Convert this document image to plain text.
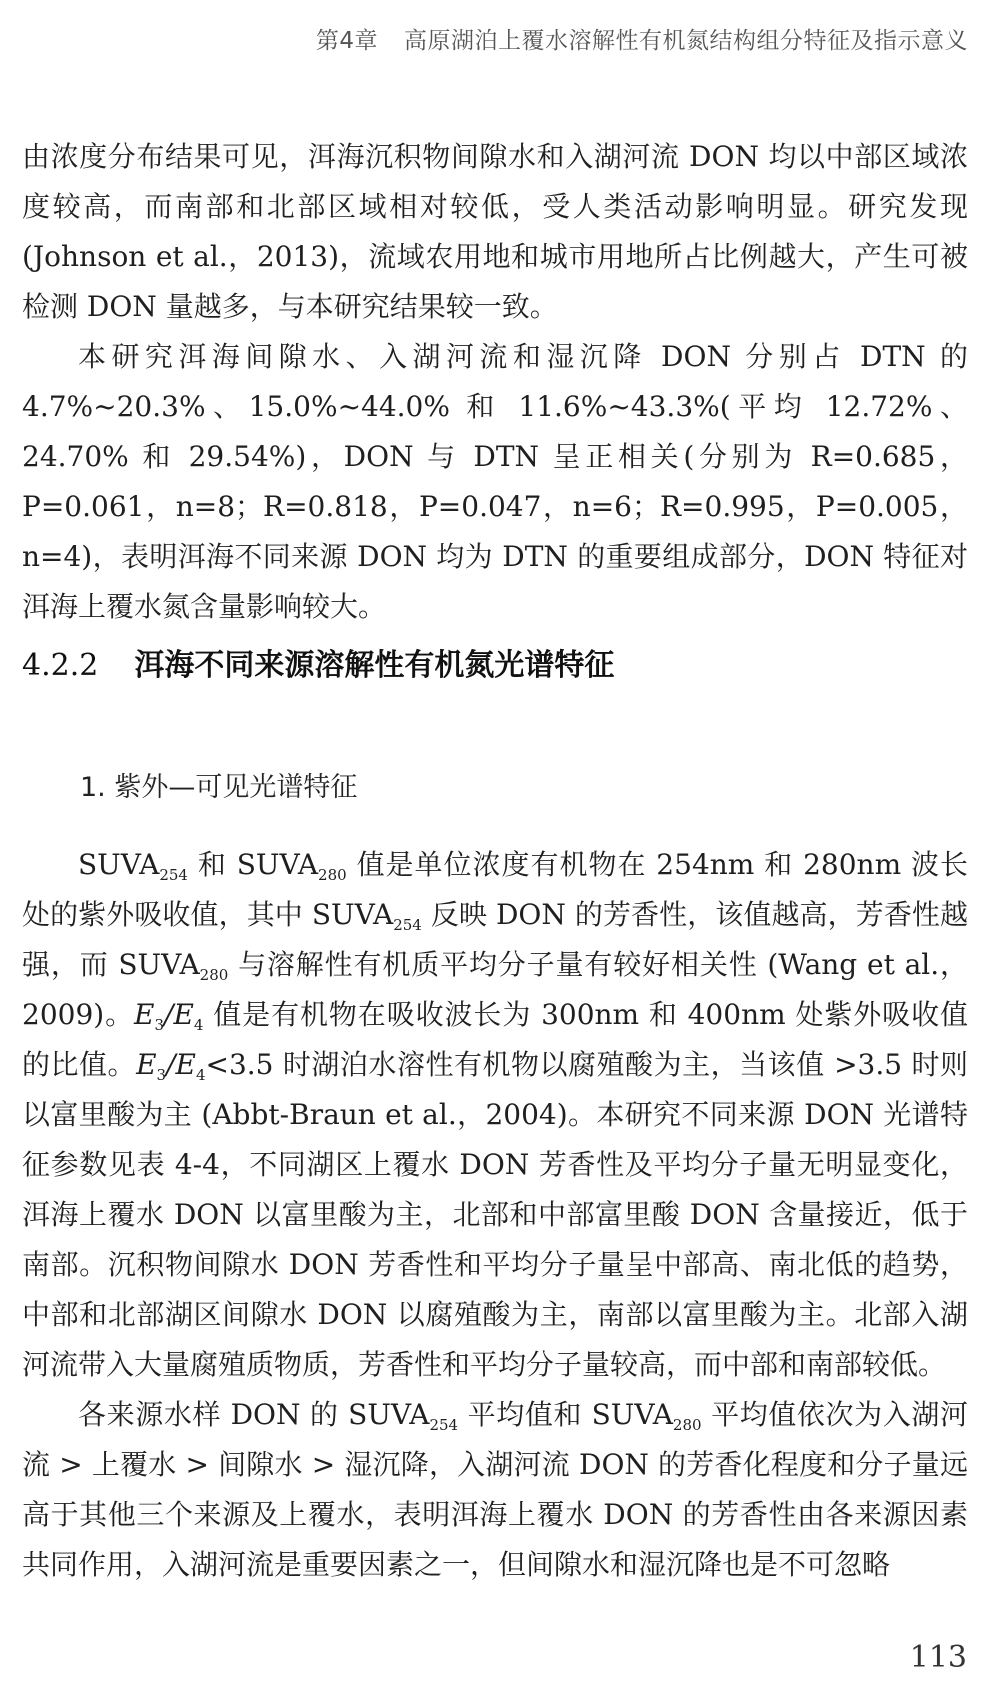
第4章 高原湖泊上覆水溶解性有机氮结构组分特征及指示意义

由浓度分布结果可见，洱海沉积物间隙水和入湖河流 DON 均以中部区域浓度较高，而南部和北部区域相对较低，受人类活动影响明显。研究发现(Johnson et al.，2013)，流域农用地和城市用地所占比例越大，产生可被检测 DON 量越多，与本研究结果较一致。

本研究洱海间隙水、入湖河流和湿沉降 DON 分别占 DTN 的 4.7%~20.3%、15.0%~44.0% 和 11.6%~43.3%(平均 12.72%、24.70% 和 29.54%)，DON 与 DTN 呈正相关(分别为 R=0.685，P=0.061，n=8；R=0.818，P=0.047，n=6；R=0.995，P=0.005，n=4)，表明洱海不同来源 DON 均为 DTN 的重要组成部分，DON 特征对洱海上覆水氮含量影响较大。

4.2.2 洱海不同来源溶解性有机氮光谱特征
1. 紫外—可见光谱特征

$SUVA_{254}$ 和 $SUVA_{280}$ 值是单位浓度有机物在 254nm 和 280nm 波长处的紫外吸收值，其中 $SUVA_{254}$ 反映 DON 的芳香性，该值越高，芳香性越强，而 $SUVA_{280}$ 与溶解性有机质平均分子量有较好相关性 (Wang et al.，2009)。$E_3/E_4$ 值是有机物在吸收波长为 300nm 和 400nm 处紫外吸收值的比值。$E_3/E_4<3.5$ 时湖泊水溶性有机物以腐殖酸为主，当该值 >3.5 时则以富里酸为主 (Abbt-Braun et al.，2004)。本研究不同来源 DON 光谱特征参数见表 4-4，不同湖区上覆水 DON 芳香性及平均分子量无明显变化，洱海上覆水 DON 以富里酸为主，北部和中部富里酸 DON 含量接近，低于南部。沉积物间隙水 DON 芳香性和平均分子量呈中部高、南北低的趋势，中部和北部湖区间隙水 DON 以腐殖酸为主，南部以富里酸为主。北部入湖河流带入大量腐殖质物质，芳香性和平均分子量较高，而中部和南部较低。

各来源水样 DON 的 $SUVA_{254}$ 平均值和 $SUVA_{280}$ 平均值依次为入湖河流 > 上覆水 > 间隙水 > 湿沉降，入湖河流 DON 的芳香化程度和分子量远高于其他三个来源及上覆水，表明洱海上覆水 DON 的芳香性由各来源因素共同作用，入湖河流是重要因素之一，但间隙水和湿沉降也是不可忽略

113
